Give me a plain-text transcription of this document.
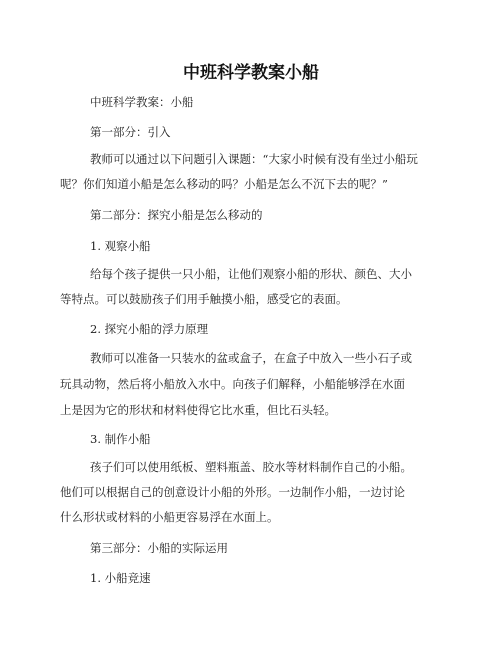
中班科学教案小船
中班科学教案：小船
第一部分：引入
教师可以通过以下问题引入课题：“大家小时候有没有坐过小船玩
呢？你们知道小船是怎么移动的吗？小船是怎么不沉下去的呢？”
第二部分：探究小船是怎么移动的
1. 观察小船
给每个孩子提供一只小船，让他们观察小船的形状、颜色、大小
等特点。可以鼓励孩子们用手触摸小船，感受它的表面。
2. 探究小船的浮力原理
教师可以准备一只装水的盆或盒子，在盒子中放入一些小石子或
玩具动物，然后将小船放入水中。向孩子们解释，小船能够浮在水面
上是因为它的形状和材料使得它比水重，但比石头轻。
3. 制作小船
孩子们可以使用纸板、塑料瓶盖、胶水等材料制作自己的小船。
他们可以根据自己的创意设计小船的外形。一边制作小船，一边讨论
什么形状或材料的小船更容易浮在水面上。
第三部分：小船的实际运用
1. 小船竞速
